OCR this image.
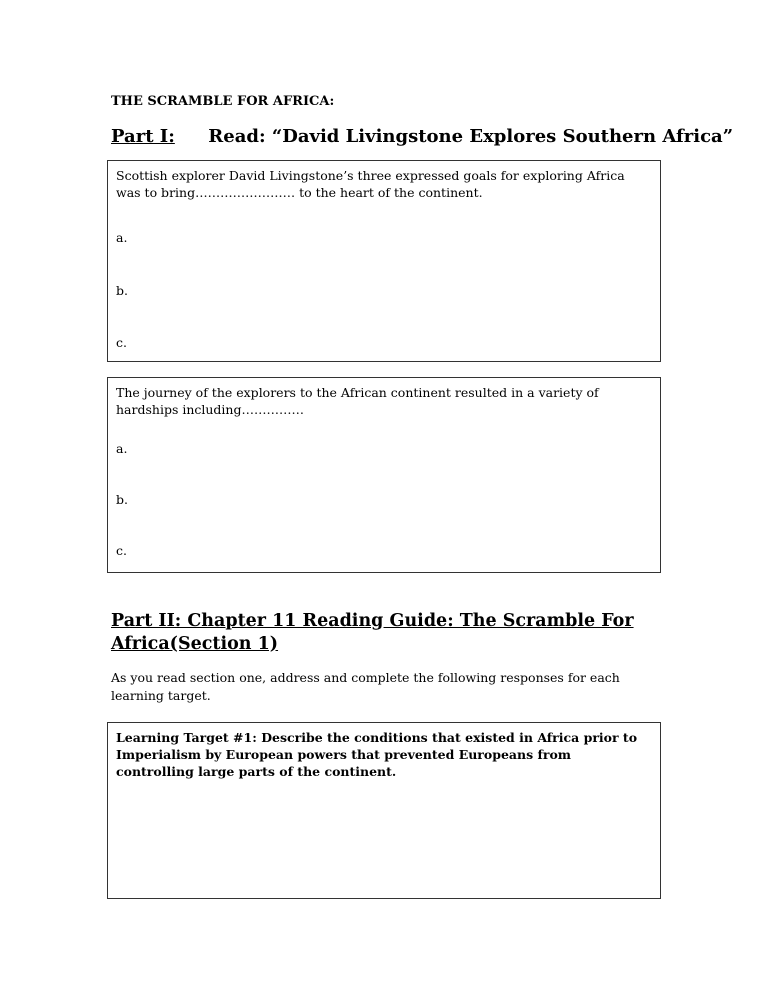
THE SCRAMBLE FOR AFRICA:

Part I: Read: “David Livingstone Explores Southern Africa”

Scottish explorer David Livingstone’s three expressed goals for exploring Africa was to bring…………………… to the heart of the continent.

a.
b.
c.

The journey of the explorers to the African continent resulted in a variety of hardships including……………

a.
b.
c.

Part II: Chapter 11 Reading Guide: The Scramble For Africa(Section 1)

As you read section one, address and complete the following responses for each learning target.

Learning Target #1: Describe the conditions that existed in Africa prior to Imperialism by European powers that prevented Europeans from controlling large parts of the continent.
